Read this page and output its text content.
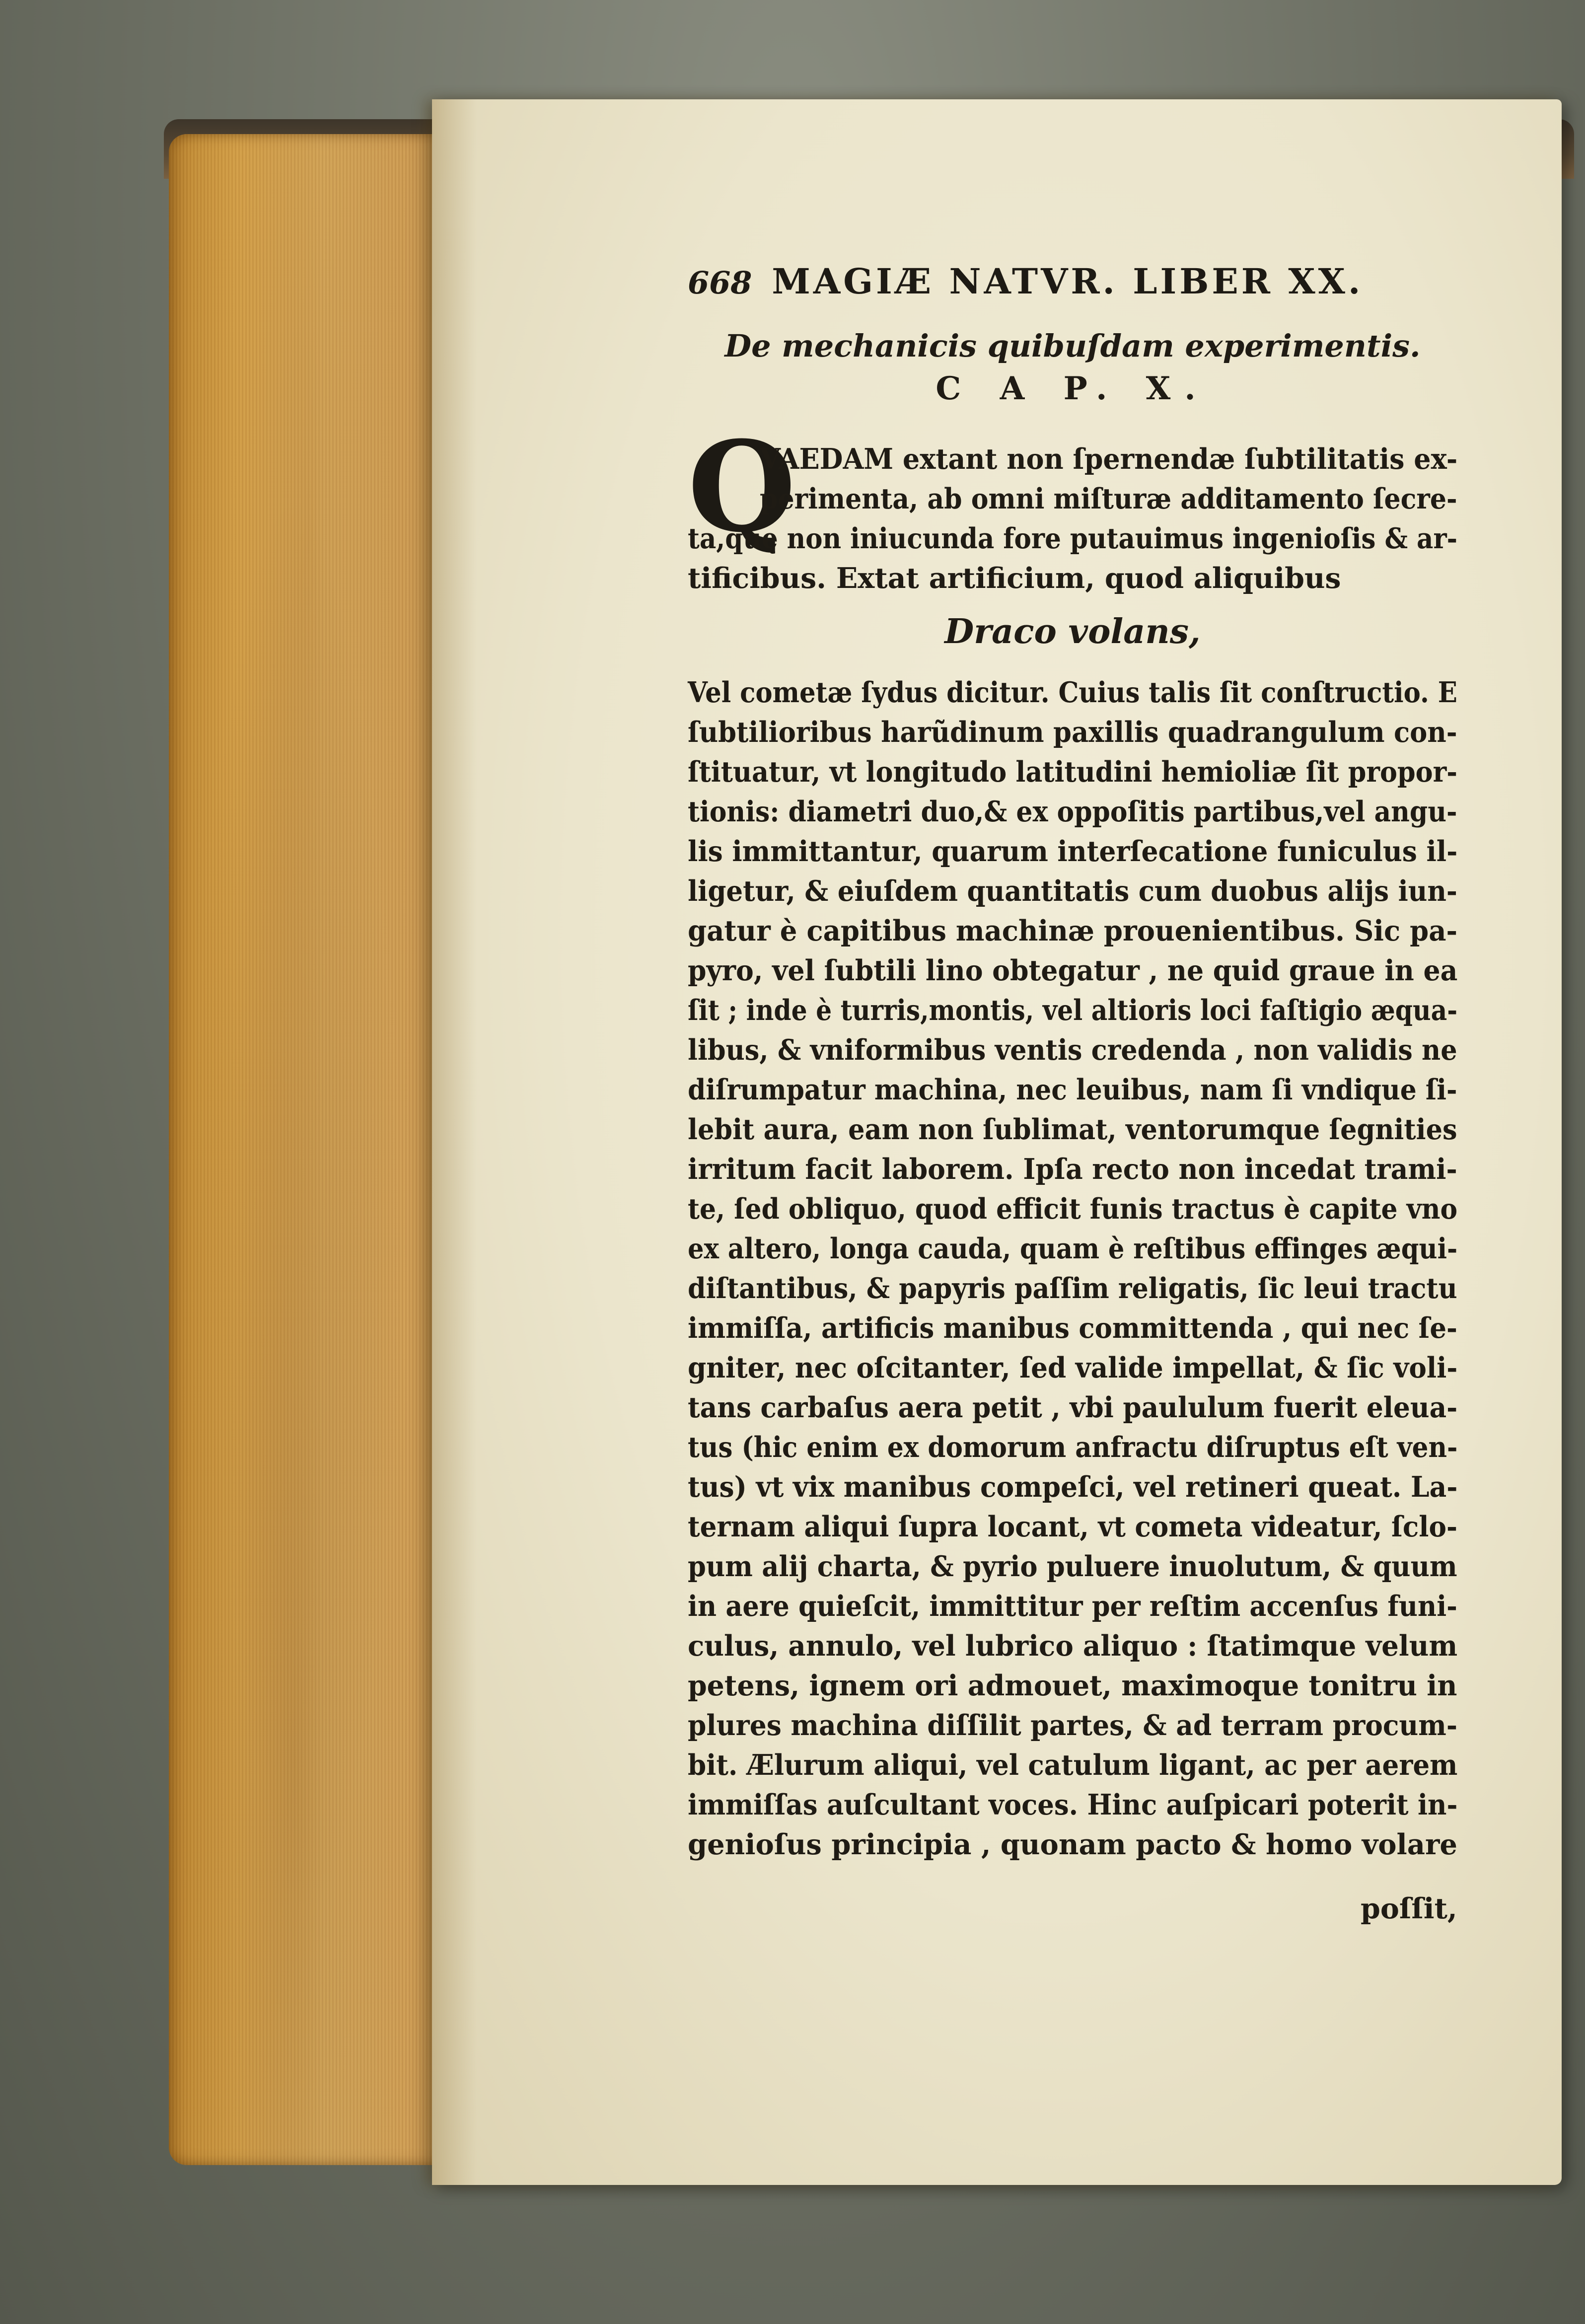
668 MAGIÆ NATVR. LIBER XX.
De mechanicis quibuſdam experimentis.
C A P. X.
Q
VAEDAM extant non ſpernendæ ſubtilitatis ex-
perimenta, ab omni miſturæ additamento ſecre-
ta,quę non iniucunda fore putauimus ingenioſis & ar-
tificibus. Extat artificium, quod aliquibus
Draco volans,
Vel cometæ ſydus dicitur. Cuius talis ſit conſtructio. E
ſubtilioribus harũdinum paxillis quadrangulum con-
ſtituatur, vt longitudo latitudini hemioliæ ſit propor-
tionis: diametri duo,& ex oppoſitis partibus,vel angu-
lis immittantur, quarum interſecatione funiculus il-
ligetur, & eiuſdem quantitatis cum duobus alijs iun-
gatur è capitibus machinæ prouenientibus. Sic pa-
pyro, vel ſubtili lino obtegatur , ne quid graue in ea
ſit ; inde è turris,montis, vel altioris loci faſtigio æqua-
libus, & vniformibus ventis credenda , non validis ne
diſrumpatur machina, nec leuibus, nam ſi vndique ſi-
lebit aura, eam non ſublimat, ventorumque ſegnities
irritum facit laborem. Ipſa recto non incedat trami-
te, ſed obliquo, quod efficit funis tractus è capite vno
ex altero, longa cauda, quam è reſtibus effinges æqui-
diſtantibus, & papyris paſſim religatis, ſic leui tractu
immiſſa, artificis manibus committenda , qui nec ſe-
gniter, nec oſcitanter, ſed valide impellat, & ſic voli-
tans carbaſus aera petit , vbi paululum fuerit eleua-
tus (hic enim ex domorum anfractu diſruptus eſt ven-
tus) vt vix manibus compeſci, vel retineri queat. La-
ternam aliqui ſupra locant, vt cometa videatur, ſclo-
pum alij charta, & pyrio puluere inuolutum, & quum
in aere quieſcit, immittitur per reſtim accenſus funi-
culus, annulo, vel lubrico aliquo : ſtatimque velum
petens, ignem ori admouet, maximoque tonitru in
plures machina diſſilit partes, & ad terram procum-
bit. Ælurum aliqui, vel catulum ligant, ac per aerem
immiſſas auſcultant voces. Hinc auſpicari poterit in-
genioſus principia , quonam pacto & homo volare
poſſit,
